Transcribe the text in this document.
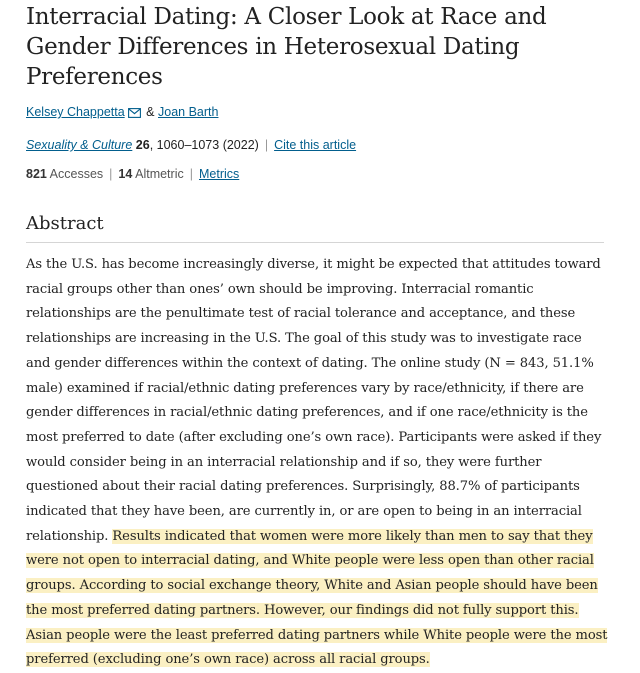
Interracial Dating: A Closer Look at Race and Gender Differences in Heterosexual Dating Preferences
Kelsey Chappetta & Joan Barth
Sexuality & Culture 26, 1060–1073 (2022) | Cite this article
821 Accesses | 14 Altmetric | Metrics
Abstract

As the U.S. has become increasingly diverse, it might be expected that attitudes toward racial groups other than ones’ own should be improving. Interracial romantic relationships are the penultimate test of racial tolerance and acceptance, and these relationships are increasing in the U.S. The goal of this study was to investigate race and gender differences within the context of dating. The online study (N = 843, 51.1% male) examined if racial/ethnic dating preferences vary by race/ethnicity, if there are gender differences in racial/ethnic dating preferences, and if one race/ethnicity is the most preferred to date (after excluding one’s own race). Participants were asked if they would consider being in an interracial relationship and if so, they were further questioned about their racial dating preferences. Surprisingly, 88.7% of participants indicated that they have been, are currently in, or are open to being in an interracial relationship. Results indicated that women were more likely than men to say that they were not open to interracial dating, and White people were less open than other racial groups. According to social exchange theory, White and Asian people should have been the most preferred dating partners. However, our findings did not fully support this. Asian people were the least preferred dating partners while White people were the most preferred (excluding one’s own race) across all racial groups.
